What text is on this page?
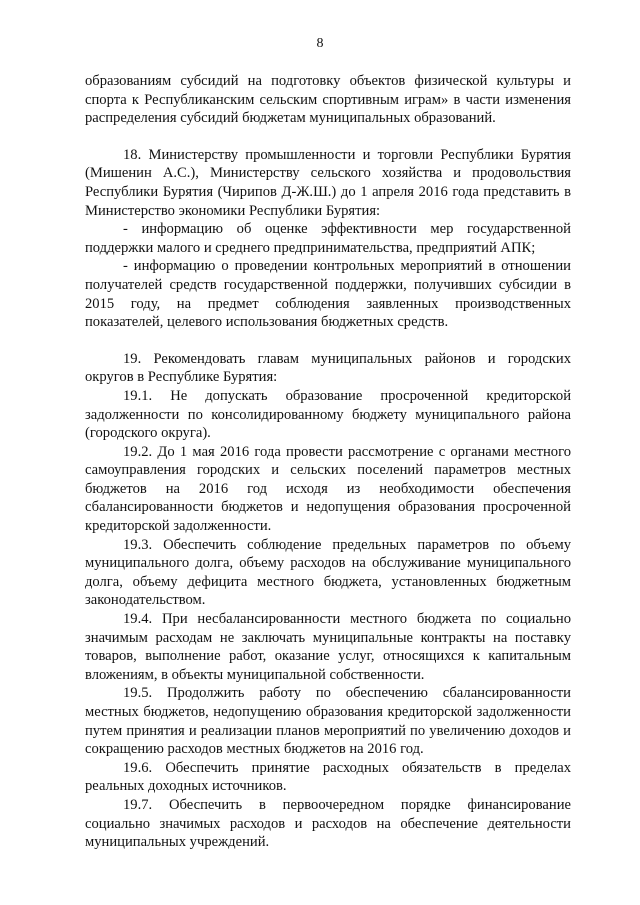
8

образованиям субсидий на подготовку объектов физической культуры и спорта к Республиканским сельским спортивным играм» в части изменения распределения субсидий бюджетам муниципальных образований.

18. Министерству промышленности и торговли Республики Бурятия (Мишенин А.С.), Министерству сельского хозяйства и продовольствия Республики Бурятия (Чирипов Д-Ж.Ш.) до 1 апреля 2016 года представить в Министерство экономики Республики Бурятия:

- информацию об оценке эффективности мер государственной поддержки малого и среднего предпринимательства, предприятий АПК;

- информацию о проведении контрольных мероприятий в отношении получателей средств государственной поддержки, получивших субсидии в 2015 году, на предмет соблюдения заявленных производственных показателей, целевого использования бюджетных средств.

19. Рекомендовать главам муниципальных районов и городских округов в Республике Бурятия:

19.1. Не допускать образование просроченной кредиторской задолженности по консолидированному бюджету муниципального района (городского округа).

19.2. До 1 мая 2016 года провести рассмотрение с органами местного самоуправления городских и сельских поселений параметров местных бюджетов на 2016 год исходя из необходимости обеспечения сбалансированности бюджетов и недопущения образования просроченной кредиторской задолженности.

19.3. Обеспечить соблюдение предельных параметров по объему муниципального долга, объему расходов на обслуживание муниципального долга, объему дефицита местного бюджета, установленных бюджетным законодательством.

19.4. При несбалансированности местного бюджета по социально значимым расходам не заключать муниципальные контракты на поставку товаров, выполнение работ, оказание услуг, относящихся к капитальным вложениям, в объекты муниципальной собственности.

19.5. Продолжить работу по обеспечению сбалансированности местных бюджетов, недопущению образования кредиторской задолженности путем принятия и реализации планов мероприятий по увеличению доходов и сокращению расходов местных бюджетов на 2016 год.

19.6. Обеспечить принятие расходных обязательств в пределах реальных доходных источников.

19.7. Обеспечить в первоочередном порядке финансирование социально значимых расходов и расходов на обеспечение деятельности муниципальных учреждений.
